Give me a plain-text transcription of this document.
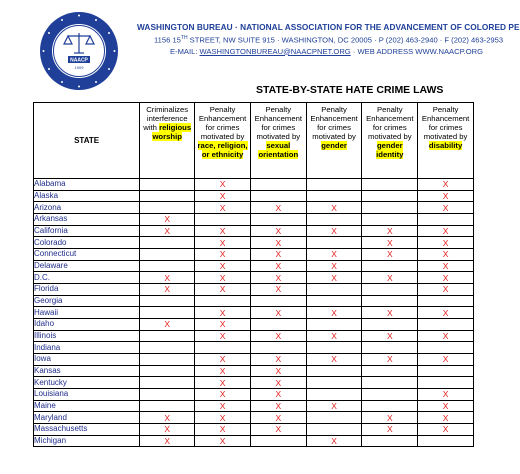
NAACP
1909
WASHINGTON BUREAU · NATIONAL ASSOCIATION FOR THE ADVANCEMENT OF COLORED PE
1156 15TH STREET, NW SUITE 915 · WASHINGTON, DC 20005 · P (202) 463-2940 · F (202) 463-2953
E-MAIL: WASHINGTONBUREAU@NAACPNET.ORG · WEB ADDRESS WWW.NAACP.ORG
STATE-BY-STATE HATE CRIME LAWS
STATE	Criminalizes interference with religious worship	Penalty Enhancement for crimes motivated by race, religion, or ethnicity	Penalty Enhancement for crimes motivated by sexual orientation	Penalty Enhancement for crimes motivated by gender	Penalty Enhancement for crimes motivated by gender identity	Penalty Enhancement for crimes motivated by disability
Alabama		X				X
Alaska		X				X
Arizona		X	X	X		X
Arkansas	X					
California	X	X	X	X	X	X
Colorado		X	X		X	X
Connecticut		X	X	X	X	X
Delaware		X	X	X		X
D.C.	X	X	X	X	X	X
Florida	X	X	X			X
Georgia						
Hawaii		X	X	X	X	X
Idaho	X	X				
Illinois		X	X	X	X	X
Indiana						
Iowa		X	X	X	X	X
Kansas		X	X			
Kentucky		X	X			
Louisiana		X	X			X
Maine		X	X	X		X
Maryland	X	X	X		X	X
Massachusetts	X	X	X		X	X
Michigan	X	X		X		
